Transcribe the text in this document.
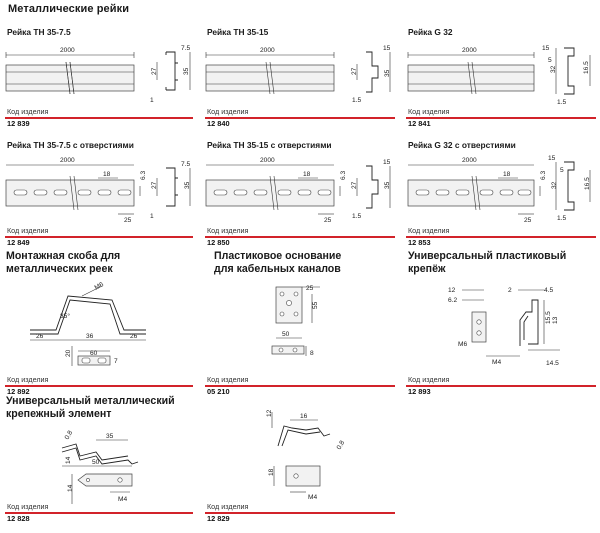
Металлические рейки
Рейка TH 35-7.5
2000
27	35
7.5
1
Код изделия
12 839
Рейка TH 35-15
2000
27	35
15
1.5
Код изделия
12 840
Рейка G 32
2000	15
5
32	16.5
1.5
Код изделия
12 841
Рейка TH 35-7.5 с отверстиями
2000
18	6.3
25
7.5
27	35
1
Код изделия
12 849
Рейка TH 35-15 с отверстиями
2000
18	6.3
25
15
27	35
1.5
Код изделия
12 850
Рейка G 32 с отверстиями
2000
18	6.3
25
15
5
32	16.5
1.5
Код изделия
12 853
Монтажная скоба для
металлических реек
M6
35°
26	36	26
60
20
7
Код изделия
12 892
Пластиковое основание
для кабельных каналов
25
55
50
8
Код изделия
05 210
Универсальный пластиковый
крепёж
12
6.2
M6
2	4.5
15.5 13
M4	14.5
Код изделия
12 893
Универсальный металлический
крепежный элемент
35
0.8
50
14
14
M4
Код изделия
12 828
12	16
0.8
18
M4
Код изделия
12 829
